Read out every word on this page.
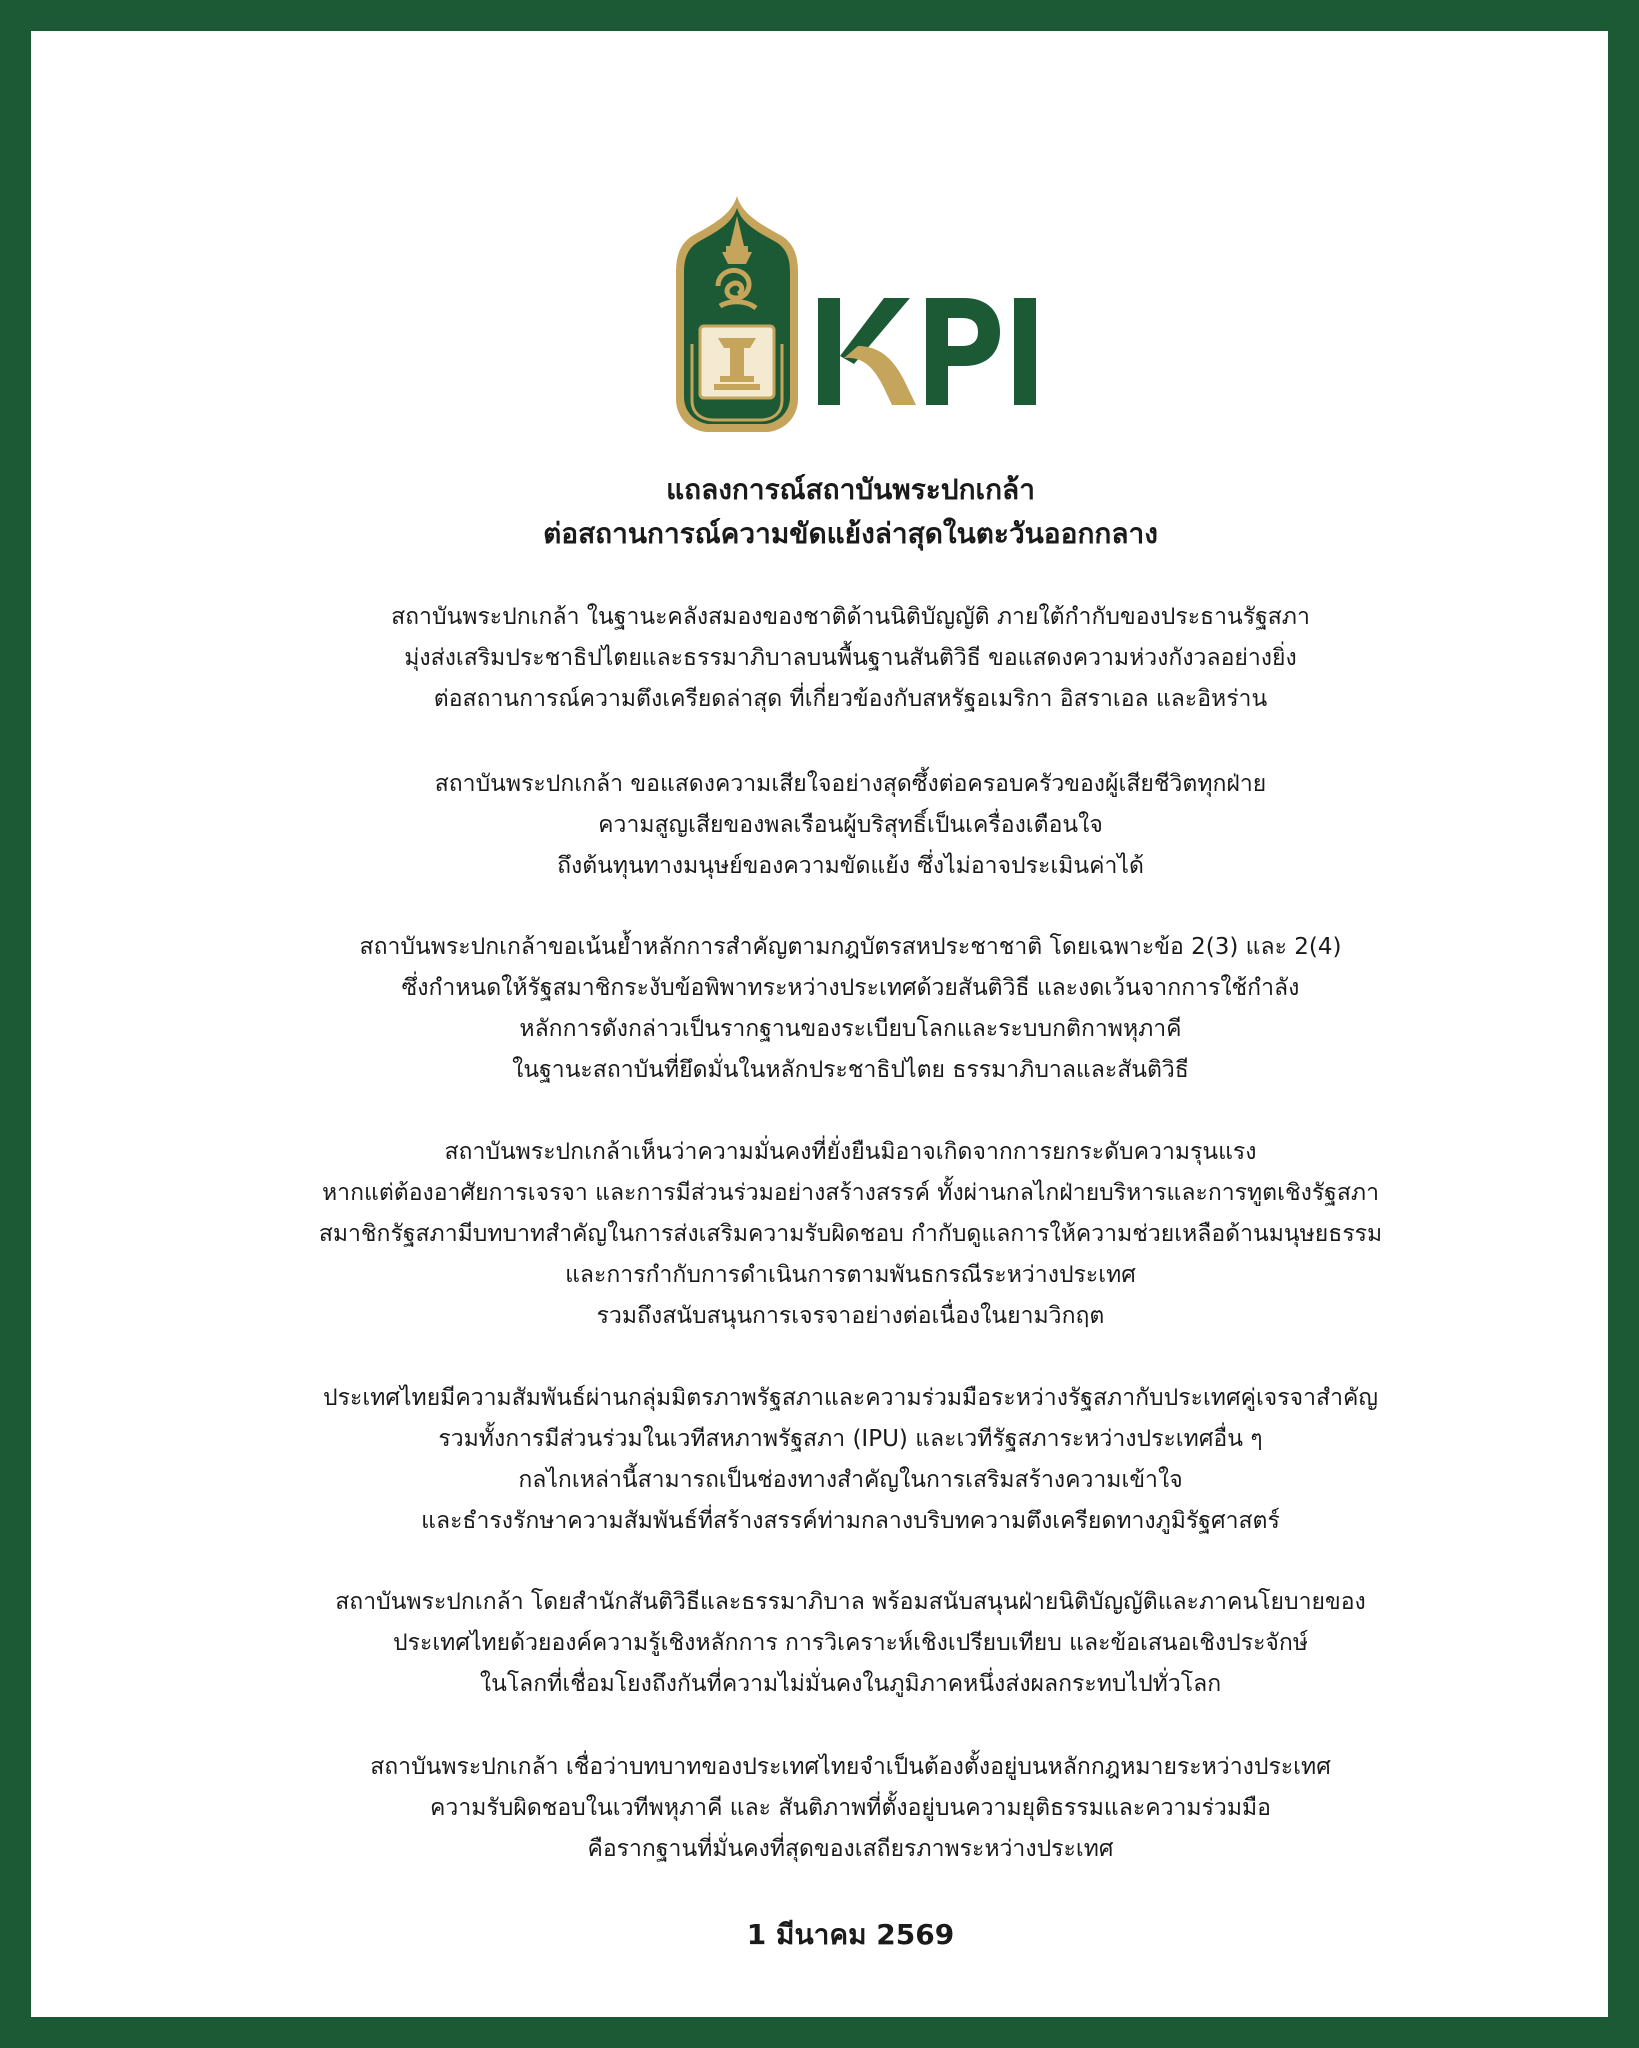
แถลงการณ์สถาบันพระปกเกล้า
ต่อสถานการณ์ความขัดแย้งล่าสุดในตะวันออกกลาง
สถาบันพระปกเกล้า ในฐานะคลังสมองของชาติด้านนิติบัญญัติ ภายใต้กำกับของประธานรัฐสภา
มุ่งส่งเสริมประชาธิปไตยและธรรมาภิบาลบนพื้นฐานสันติวิธี ขอแสดงความห่วงกังวลอย่างยิ่ง
ต่อสถานการณ์ความตึงเครียดล่าสุด ที่เกี่ยวข้องกับสหรัฐอเมริกา อิสราเอล และอิหร่าน
สถาบันพระปกเกล้า ขอแสดงความเสียใจอย่างสุดซึ้งต่อครอบครัวของผู้เสียชีวิตทุกฝ่าย
ความสูญเสียของพลเรือนผู้บริสุทธิ์เป็นเครื่องเตือนใจ
ถึงต้นทุนทางมนุษย์ของความขัดแย้ง ซึ่งไม่อาจประเมินค่าได้
สถาบันพระปกเกล้าขอเน้นย้ำหลักการสำคัญตามกฎบัตรสหประชาชาติ โดยเฉพาะข้อ 2(3) และ 2(4)
ซึ่งกำหนดให้รัฐสมาชิกระงับข้อพิพาทระหว่างประเทศด้วยสันติวิธี และงดเว้นจากการใช้กำลัง
หลักการดังกล่าวเป็นรากฐานของระเบียบโลกและระบบกติกาพหุภาคี
ในฐานะสถาบันที่ยึดมั่นในหลักประชาธิปไตย ธรรมาภิบาลและสันติวิธี
สถาบันพระปกเกล้าเห็นว่าความมั่นคงที่ยั่งยืนมิอาจเกิดจากการยกระดับความรุนแรง
หากแต่ต้องอาศัยการเจรจา และการมีส่วนร่วมอย่างสร้างสรรค์ ทั้งผ่านกลไกฝ่ายบริหารและการทูตเชิงรัฐสภา
สมาชิกรัฐสภามีบทบาทสำคัญในการส่งเสริมความรับผิดชอบ กำกับดูแลการให้ความช่วยเหลือด้านมนุษยธรรม
และการกำกับการดำเนินการตามพันธกรณีระหว่างประเทศ
รวมถึงสนับสนุนการเจรจาอย่างต่อเนื่องในยามวิกฤต
ประเทศไทยมีความสัมพันธ์ผ่านกลุ่มมิตรภาพรัฐสภาและความร่วมมือระหว่างรัฐสภากับประเทศคู่เจรจาสำคัญ
รวมทั้งการมีส่วนร่วมในเวทีสหภาพรัฐสภา (IPU) และเวทีรัฐสภาระหว่างประเทศอื่น ๆ
กลไกเหล่านี้สามารถเป็นช่องทางสำคัญในการเสริมสร้างความเข้าใจ
และธำรงรักษาความสัมพันธ์ที่สร้างสรรค์ท่ามกลางบริบทความตึงเครียดทางภูมิรัฐศาสตร์
สถาบันพระปกเกล้า โดยสำนักสันติวิธีและธรรมาภิบาล พร้อมสนับสนุนฝ่ายนิติบัญญัติและภาคนโยบายของ
ประเทศไทยด้วยองค์ความรู้เชิงหลักการ การวิเคราะห์เชิงเปรียบเทียบ และข้อเสนอเชิงประจักษ์
ในโลกที่เชื่อมโยงถึงกันที่ความไม่มั่นคงในภูมิภาคหนึ่งส่งผลกระทบไปทั่วโลก
สถาบันพระปกเกล้า เชื่อว่าบทบาทของประเทศไทยจำเป็นต้องตั้งอยู่บนหลักกฎหมายระหว่างประเทศ
ความรับผิดชอบในเวทีพหุภาคี และ สันติภาพที่ตั้งอยู่บนความยุติธรรมและความร่วมมือ
คือรากฐานที่มั่นคงที่สุดของเสถียรภาพระหว่างประเทศ
1 มีนาคม 2569
